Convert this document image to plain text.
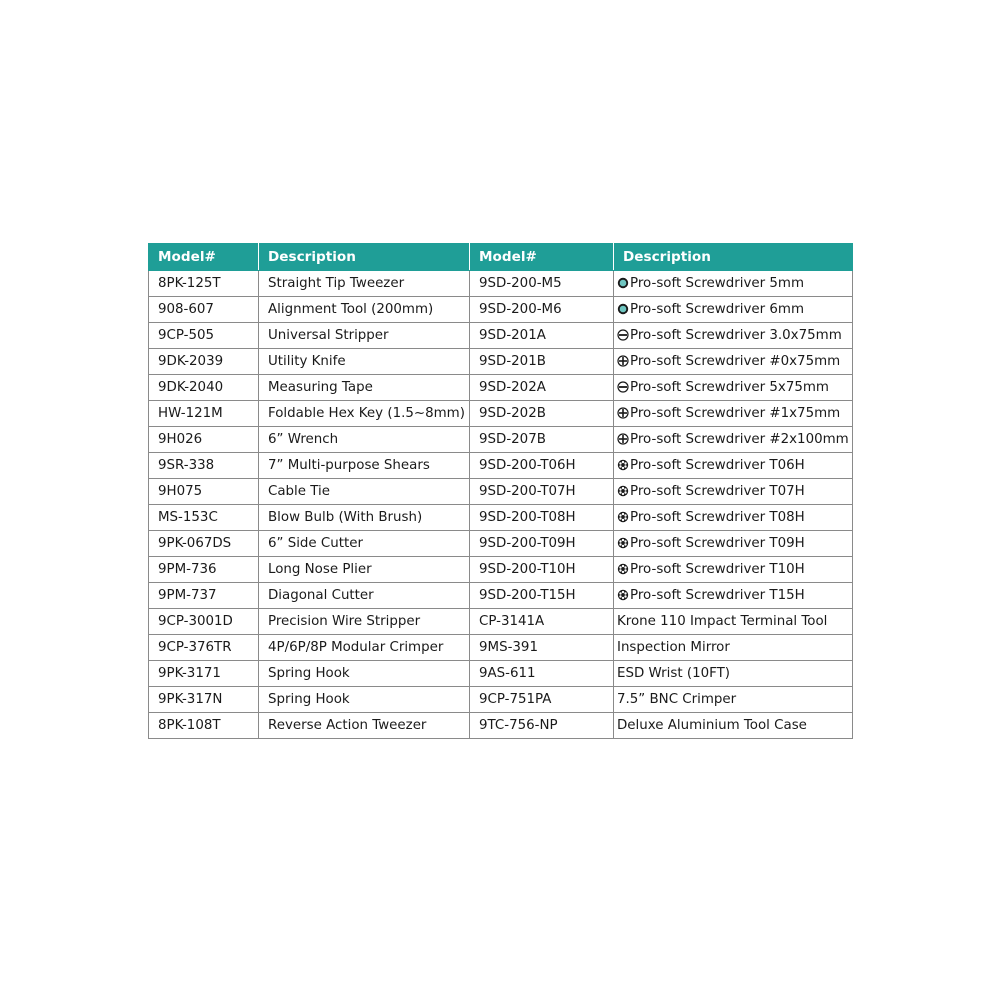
Model#	Description	Model#	Description
8PK-125T	Straight Tip Tweezer	9SD-200-M5	Pro-soft Screwdriver 5mm
908-607	Alignment Tool (200mm)	9SD-200-M6	Pro-soft Screwdriver 6mm
9CP-505	Universal Stripper	9SD-201A	Pro-soft Screwdriver 3.0x75mm
9DK-2039	Utility Knife	9SD-201B	Pro-soft Screwdriver #0x75mm
9DK-2040	Measuring Tape	9SD-202A	Pro-soft Screwdriver 5x75mm
HW-121M	Foldable Hex Key (1.5~8mm)	9SD-202B	Pro-soft Screwdriver #1x75mm
9H026	6” Wrench	9SD-207B	Pro-soft Screwdriver #2x100mm
9SR-338	7” Multi-purpose Shears	9SD-200-T06H	Pro-soft Screwdriver T06H
9H075	Cable Tie	9SD-200-T07H	Pro-soft Screwdriver T07H
MS-153C	Blow Bulb (With Brush)	9SD-200-T08H	Pro-soft Screwdriver T08H
9PK-067DS	6” Side Cutter	9SD-200-T09H	Pro-soft Screwdriver T09H
9PM-736	Long Nose Plier	9SD-200-T10H	Pro-soft Screwdriver T10H
9PM-737	Diagonal Cutter	9SD-200-T15H	Pro-soft Screwdriver T15H
9CP-3001D	Precision Wire Stripper	CP-3141A	Krone 110 Impact Terminal Tool
9CP-376TR	4P/6P/8P Modular Crimper	9MS-391	Inspection Mirror
9PK-3171	Spring Hook	9AS-611	ESD Wrist (10FT)
9PK-317N	Spring Hook	9CP-751PA	7.5” BNC Crimper
8PK-108T	Reverse Action Tweezer	9TC-756-NP	Deluxe Aluminium Tool Case
